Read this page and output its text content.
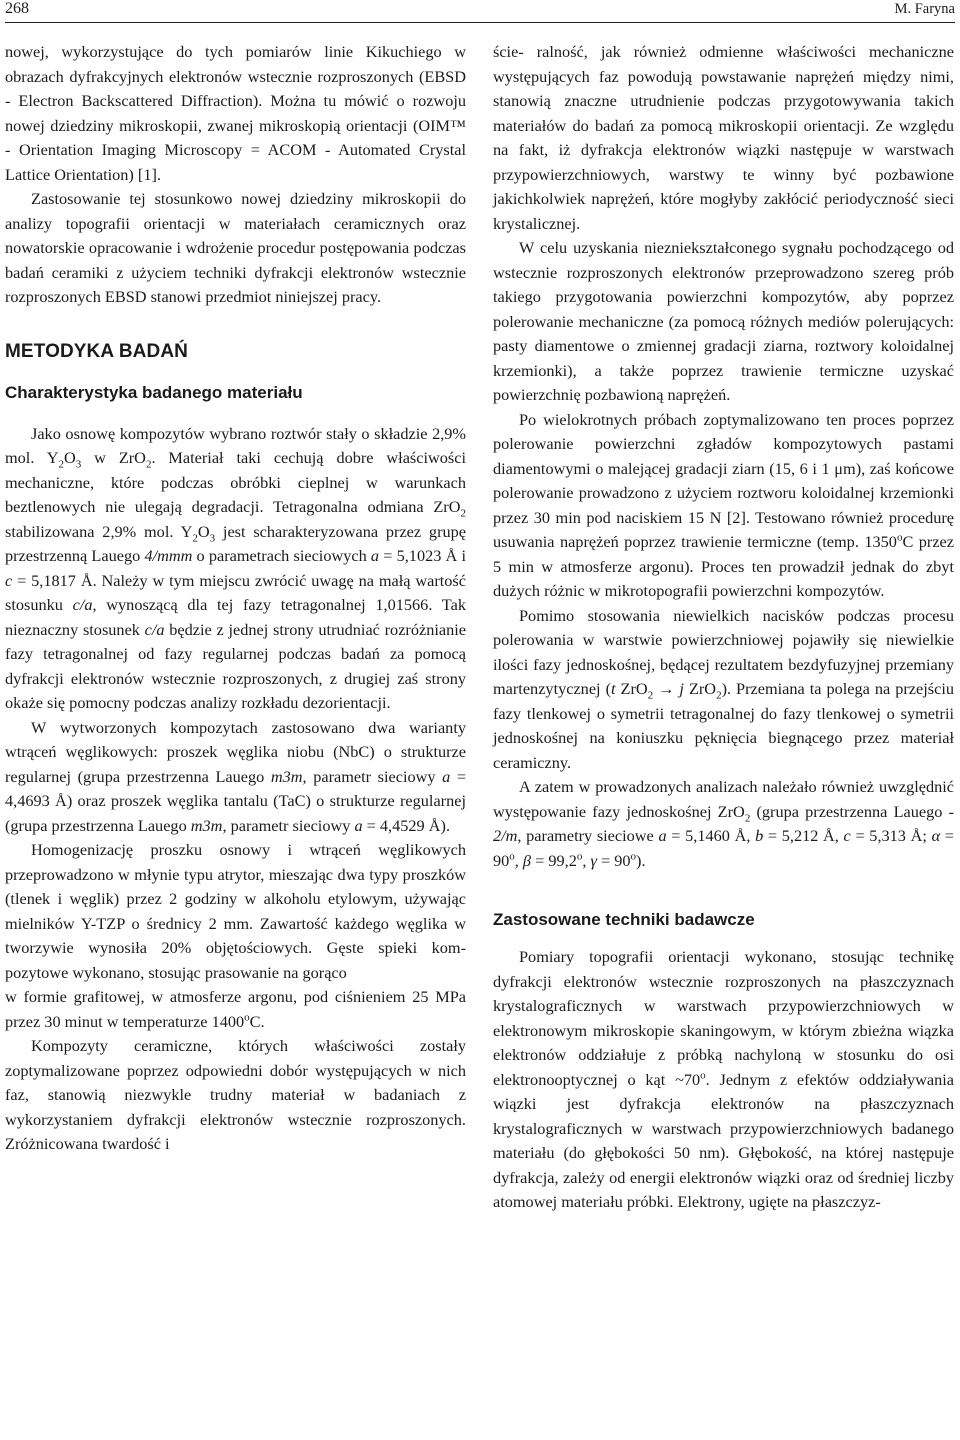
268	M. Faryna

nowej, wykorzystujące do tych pomiarów linie Kikuchiego w obrazach dyfrakcyjnych elektronów wstecznie rozproszonych (EBSD - Electron Backscattered Diffraction). Można tu mówić o rozwoju nowej dziedziny mikroskopii, zwanej mikroskopią orientacji (OIM™ - Orientation Imaging Microscopy = ACOM - Automated Crystal Lattice Orientation) [1].

Zastosowanie tej stosunkowo nowej dziedziny mikroskopii do analizy topografii orientacji w materiałach ceramicznych oraz nowatorskie opracowanie i wdrożenie procedur postępowania podczas badań ceramiki z użyciem techniki dyfrakcji elektronów wstecznie rozproszonych EBSD stanowi przedmiot niniejszej pracy.

METODYKA BADAŃ
Charakterystyka badanego materiału

Jako osnowę kompozytów wybrano roztwór stały o składzie 2,9% mol. $Y_2O_3$ w ZrO$_2$. Materiał taki cechują dobre właściwości mechaniczne, które podczas obróbki cieplnej w warunkach beztlenowych nie ulegają degradacji. Tetragonalna odmiana ZrO$_2$ stabilizowana 2,9% mol. $Y_2O_3$ jest scharakteryzowana przez grupę przestrzenną Lauego 4/mmm o parametrach sieciowych a = 5,1023 Å i c = 5,1817 Å. Należy w tym miejscu zwrócić uwagę na małą wartość stosunku c/a, wynoszącą dla tej fazy tetragonalnej 1,01566. Tak nieznaczny stosunek c/a będzie z jednej strony utrudniać rozróżnianie fazy tetragonalnej od fazy regularnej podczas badań za pomocą dyfrakcji elektronów wstecznie rozproszonych, z drugiej zaś strony okaże się pomocny podczas analizy rozkładu dezorientacji.

W wytworzonych kompozytach zastosowano dwa warianty wtrąceń węglikowych: proszek węglika niobu (NbC) o strukturze regularnej (grupa przestrzenna Lauego m3m, parametr sieciowy a = 4,4693 Å) oraz proszek węglika tantalu (TaC) o strukturze regularnej (grupa przestrzenna Lauego m3m, parametr sieciowy a = 4,4529 Å).

Homogenizację proszku osnowy i wtrąceń węglikowych przeprowadzono w młynie typu atrytor, mieszając dwa typy proszków (tlenek i węglik) przez 2 godziny w alkoholu etylowym, używając mielników Y-TZP o średnicy 2 mm. Zawartość każdego węglika w tworzywie wynosiła 20% objętościowych. Gęste spieki kom- pozytowe wykonano, stosując prasowanie na gorąco

w formie grafitowej, w atmosferze argonu, pod ciśnieniem 25 MPa przez 30 minut w temperaturze 1400$^o$C.

Kompozyty ceramiczne, których właściwości zostały zoptymalizowane poprzez odpowiedni dobór występujących w nich faz, stanowią niezwykle trudny materiał w badaniach z wykorzystaniem dyfrakcji elektronów wstecznie rozproszonych. Zróżnicowana twardość i

ście- ralność, jak również odmienne właściwości mechaniczne występujących faz powodują powstawanie naprężeń między nimi, stanowią znaczne utrudnienie podczas przygotowywania takich materiałów do badań za pomocą mikroskopii orientacji. Ze względu na fakt, iż dyfrakcja elektronów wiązki następuje w warstwach przypowierzchniowych, warstwy te winny być pozbawione jakichkolwiek naprężeń, które mogłyby zakłócić periodyczność sieci krystalicznej.

W celu uzyskania niezniekształconego sygnału pochodzącego od wstecznie rozproszonych elektronów przeprowadzono szereg prób takiego przygotowania powierzchni kompozytów, aby poprzez polerowanie mechaniczne (za pomocą różnych mediów polerujących: pasty diamentowe o zmiennej gradacji ziarna, roztwory koloidalnej krzemionki), a także poprzez trawienie termiczne uzyskać powierzchnię pozbawioną naprężeń.

Po wielokrotnych próbach zoptymalizowano ten proces poprzez polerowanie powierzchni zgładów kompozytowych pastami diamentowymi o malejącej gradacji ziarn (15, 6 i 1 μm), zaś końcowe polerowanie prowadzono z użyciem roztworu koloidalnej krzemionki przez 30 min pod naciskiem 15 N [2]. Testowano również procedurę usuwania naprężeń poprzez trawienie termiczne (temp. 1350$^o$C przez 5 min w atmosferze argonu). Proces ten prowadził jednak do zbyt dużych różnic w mikrotopografii powierzchni kompozytów.

Pomimo stosowania niewielkich nacisków podczas procesu polerowania w warstwie powierzchniowej pojawiły się niewielkie ilości fazy jednoskośnej, będącej rezultatem bezdyfuzyjnej przemiany martenzytycznej (t ZrO$_2$ → j ZrO$_2$). Przemiana ta polega na przejściu fazy tlenkowej o symetrii tetragonalnej do fazy tlenkowej o symetrii jednoskośnej na koniuszku pęknięcia biegnącego przez materiał ceramiczny.

A zatem w prowadzonych analizach należało również uwzględnić występowanie fazy jednoskośnej ZrO$_2$ (grupa przestrzenna Lauego - 2/m, parametry sieciowe a = 5,1460 Å, b = 5,212 Å, c = 5,313 Å; $\alpha = 90^o$, $\beta = 99,2^o$, $\gamma = 90^o$).

Zastosowane techniki badawcze

Pomiary topografii orientacji wykonano, stosując technikę dyfrakcji elektronów wstecznie rozproszonych na płaszczyznach krystalograficznych w warstwach przypowierzchniowych w elektronowym mikroskopie skaningowym, w którym zbieżna wiązka elektronów oddziałuje z próbką nachyloną w stosunku do osi elektronooptycznej o kąt ~70$^o$. Jednym z efektów oddziaływania wiązki jest dyfrakcja elektronów na płaszczyznach krystalograficznych w warstwach przypowierzchniowych badanego materiału (do głębokości 50 nm). Głębokość, na której następuje dyfrakcja, zależy od energii elektronów wiązki oraz od średniej liczby atomowej materiału próbki. Elektrony, ugięte na płaszczyz-
